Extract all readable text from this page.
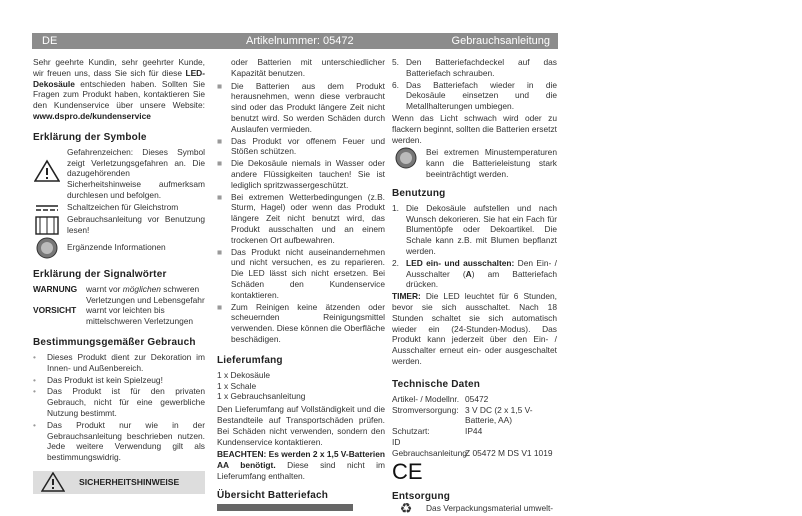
DE	Artikelnummer: 05472	Gebrauchsanleitung

Sehr geehrte Kundin, sehr geehrter Kunde, wir freuen uns, dass Sie sich für diese LED-Dekosäule entschieden haben. Sollten Sie Fragen zum Produkt haben, kontaktieren Sie den Kundenservice über unsere Website: www.dspro.de/kundenservice

Erklärung der Symbole
Gefahrenzeichen: Dieses Symbol zeigt Verletzungsgefahren an. Die dazugehörenden Sicherheitshinweise aufmerksam durchlesen und befolgen.
Schaltzeichen für Gleichstrom
Gebrauchsanleitung vor Benutzung lesen!
Ergänzende Informationen
Erklärung der Signalwörter
WARNUNG	warnt vor möglichen schweren Verletzungen und Lebensgefahr
VORSICHT	warnt vor leichten bis mittelschweren Verletzungen
Bestimmungsgemäßer Gebrauch
• Dieses Produkt dient zur Dekoration im Innen- und Außenbereich.
• Das Produkt ist kein Spielzeug!
• Das Produkt ist für den privaten Gebrauch, nicht für eine gewerbliche Nutzung bestimmt.
• Das Produkt nur wie in der Gebrauchsanleitung beschrieben nutzen. Jede weitere Verwendung gilt als bestimmungswidrig.
SICHERHEITSHINWEISE

oder Batterien mit unterschiedlicher Kapazität benutzen.

■ Die Batterien aus dem Produkt herausnehmen, wenn diese verbraucht sind oder das Produkt längere Zeit nicht benutzt wird. So werden Schäden durch Auslaufen vermieden.
■ Das Produkt vor offenem Feuer und Stößen schützen.
■ Die Dekosäule niemals in Wasser oder andere Flüssigkeiten tauchen! Sie ist lediglich spritzwassergeschützt.
■ Bei extremen Wetterbedingungen (z.B. Sturm, Hagel) oder wenn das Produkt längere Zeit nicht benutzt wird, das Produkt ausschalten und an einem trockenen Ort aufbewahren.
■ Das Produkt nicht auseinandernehmen und nicht versuchen, es zu reparieren. Die LED lässt sich nicht ersetzen. Bei Schäden den Kundenservice kontaktieren.
■ Zum Reinigen keine ätzenden oder scheuernden Reinigungsmittel verwenden. Diese können die Oberfläche beschädigen.
Lieferumfang
1 x Dekosäule
1 x Schale
1 x Gebrauchsanleitung

Den Lieferumfang auf Vollständigkeit und die Bestandteile auf Transportschäden prüfen. Bei Schäden nicht verwenden, sondern den Kundenservice kontaktieren.

BEACHTEN: Es werden 2 x 1,5 V-Batterien AA benötigt. Diese sind nicht im Lieferumfang enthalten.

Übersicht Batteriefach
5. Den Batteriefachdeckel auf das Batteriefach schrauben.
6. Das Batteriefach wieder in die Dekosäule einsetzen und die Metallhalterungen umbiegen.

Wenn das Licht schwach wird oder zu flackern beginnt, sollten die Batterien ersetzt werden.

Bei extremen Minustemperaturen kann die Batterieleistung stark beeinträchtigt werden.
Benutzung
1. Die Dekosäule aufstellen und nach Wunsch dekorieren. Sie hat ein Fach für Blumentöpfe oder Dekoartikel. Die Schale kann z.B. mit Blumen bepflanzt werden.
2. LED ein- und ausschalten: Den Ein- / Ausschalter (A) am Batteriefach drücken.

TIMER: Die LED leuchtet für 6 Stunden, bevor sie sich ausschaltet. Nach 18 Stunden schaltet sie sich automatisch wieder ein (24-Stunden-Modus). Das Produkt kann jederzeit über den Ein- / Ausschalter erneut ein- oder ausgeschaltet werden.

Technische Daten
Artikel- / Modellnr. 05472
Stromversorgung: 3 V DC (2 x 1,5 V-Batterie, AA)
Schutzart:	IP44
ID Gebrauchsanleitung:
Z 05472 M DS V1 1019
CE
Entsorgung
♻	Das Verpackungsmaterial umwelt-
